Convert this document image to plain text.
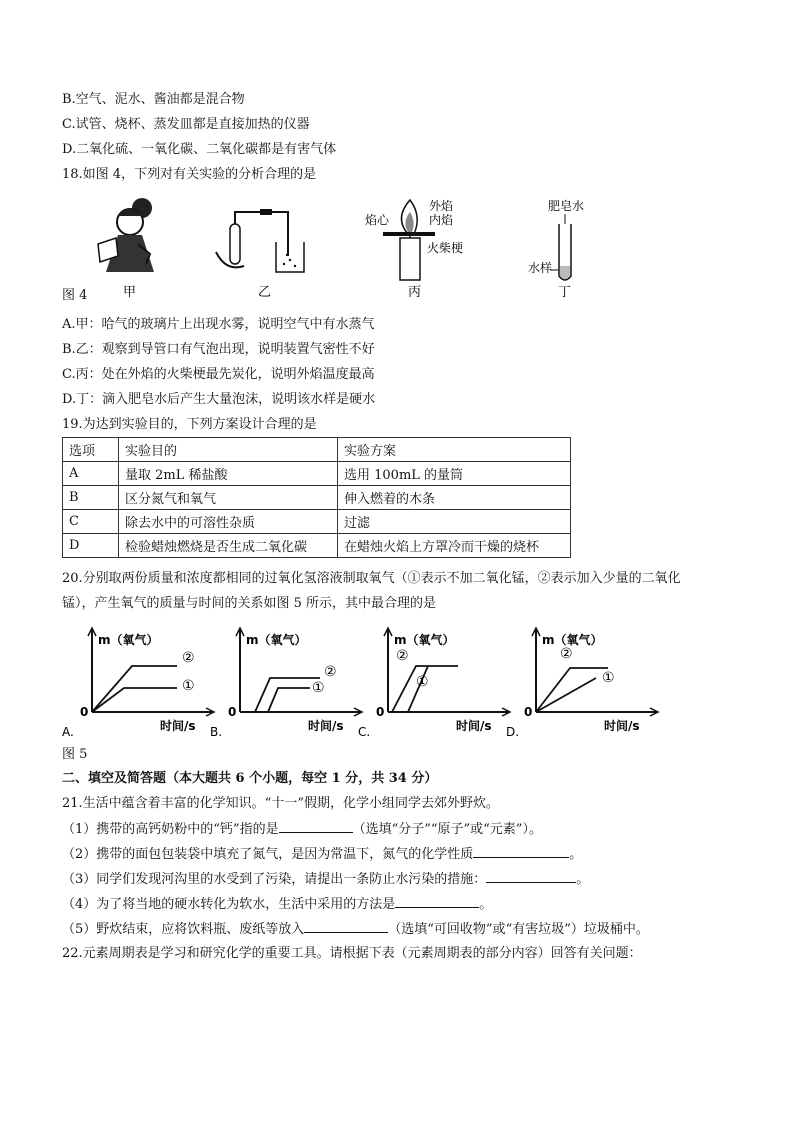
B.空气、泥水、酱油都是混合物
C.试管、烧杯、蒸发皿都是直接加热的仪器
D.二氧化硫、一氧化碳、二氧化碳都是有害气体
18.如图 4，下列对有关实验的分析合理的是
甲	乙
外焰
内焰
焰心
火柴梗
丙
肥皂水
水样
丁
图 4
A.甲：哈气的玻璃片上出现水雾，说明空气中有水蒸气
B.乙：观察到导管口有气泡出现，说明装置气密性不好
C.丙：处在外焰的火柴梗最先炭化，说明外焰温度最高
D.丁：滴入肥皂水后产生大量泡沫，说明该水样是硬水
19.为达到实验目的，下列方案设计合理的是
选项	实验目的	实验方案
A	量取 2mL 稀盐酸	选用 100mL 的量筒
B	区分氮气和氧气	伸入燃着的木条
C	除去水中的可溶性杂质	过滤
D	检验蜡烛燃烧是否生成二氧化碳	在蜡烛火焰上方罩冷而干燥的烧杯
20.分别取两份质量和浓度都相同的过氧化氢溶液制取氧气（①表示不加二氧化锰，②表示加入少量的二氧化
锰），产生氧气的质量与时间的关系如图 5 所示，其中最合理的是
m（氧气）
时间/s
0
②
①
A.
m（氧气）
时间/s
0
②
①
B.
m（氧气）
时间/s
0
②
①
C.
m（氧气）
时间/s
0
②
①
D.
图 5
二、填空及简答题（本大题共 6 个小题，每空 1 分，共 34 分）
21.生活中蕴含着丰富的化学知识。“十一”假期，化学小组同学去郊外野炊。
（1）携带的高钙奶粉中的“钙”指的是	（选填“分子”“原子”或“元素”）。
（2）携带的面包包装袋中填充了氮气，是因为常温下，氮气的化学性质	。
（3）同学们发现河沟里的水受到了污染，请提出一条防止水污染的措施：	。
（4）为了将当地的硬水转化为软水，生活中采用的方法是	。
（5）野炊结束，应将饮料瓶、废纸等放入	（选填“可回收物”或“有害垃圾”）垃圾桶中。
22.元素周期表是学习和研究化学的重要工具。请根据下表（元素周期表的部分内容）回答有关问题：
